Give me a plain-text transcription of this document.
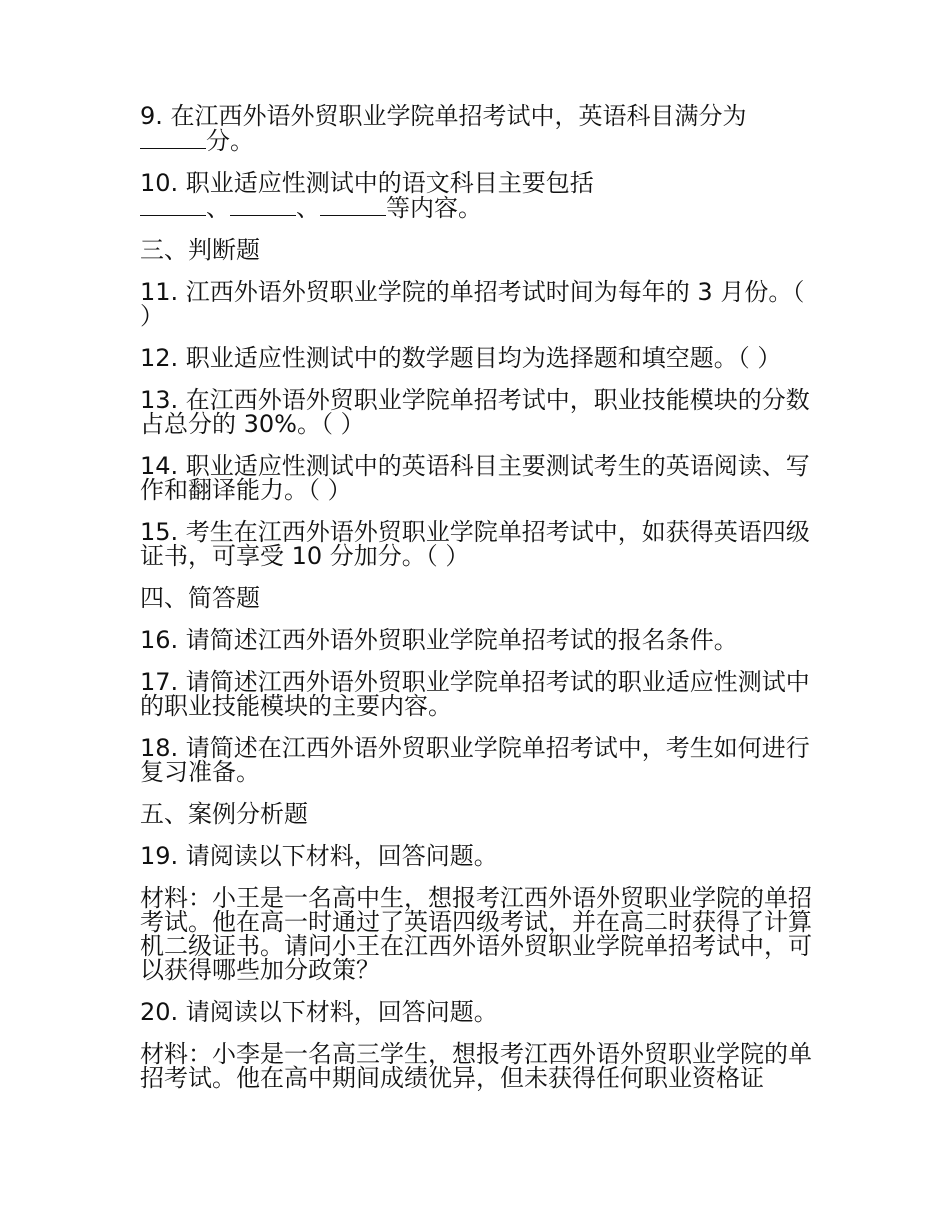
9. 在江西外语外贸职业学院单招考试中，英语科目满分为
分。

10. 职业适应性测试中的语文科目主要包括
、	、	等内容。

三、判断题

11. 江西外语外贸职业学院的单招考试时间为每年的 3 月份。（ ）

12. 职业适应性测试中的数学题目均为选择题和填空题。（ ）

13. 在江西外语外贸职业学院单招考试中，职业技能模块的分数占总分的 30%。（ ）

14. 职业适应性测试中的英语科目主要测试考生的英语阅读、写作和翻译能力。（ ）

15. 考生在江西外语外贸职业学院单招考试中，如获得英语四级证书，可享受 10 分加分。（ ）

四、简答题

16. 请简述江西外语外贸职业学院单招考试的报名条件。

17. 请简述江西外语外贸职业学院单招考试的职业适应性测试中的职业技能模块的主要内容。

18. 请简述在江西外语外贸职业学院单招考试中，考生如何进行复习准备。

五、案例分析题

19. 请阅读以下材料，回答问题。

材料：小王是一名高中生，想报考江西外语外贸职业学院的单招考试。他在高一时通过了英语四级考试，并在高二时获得了计算机二级证书。请问小王在江西外语外贸职业学院单招考试中，可以获得哪些加分政策？

20. 请阅读以下材料，回答问题。

材料：小李是一名高三学生，想报考江西外语外贸职业学院的单招考试。他在高中期间成绩优异，但未获得任何职业资格证
